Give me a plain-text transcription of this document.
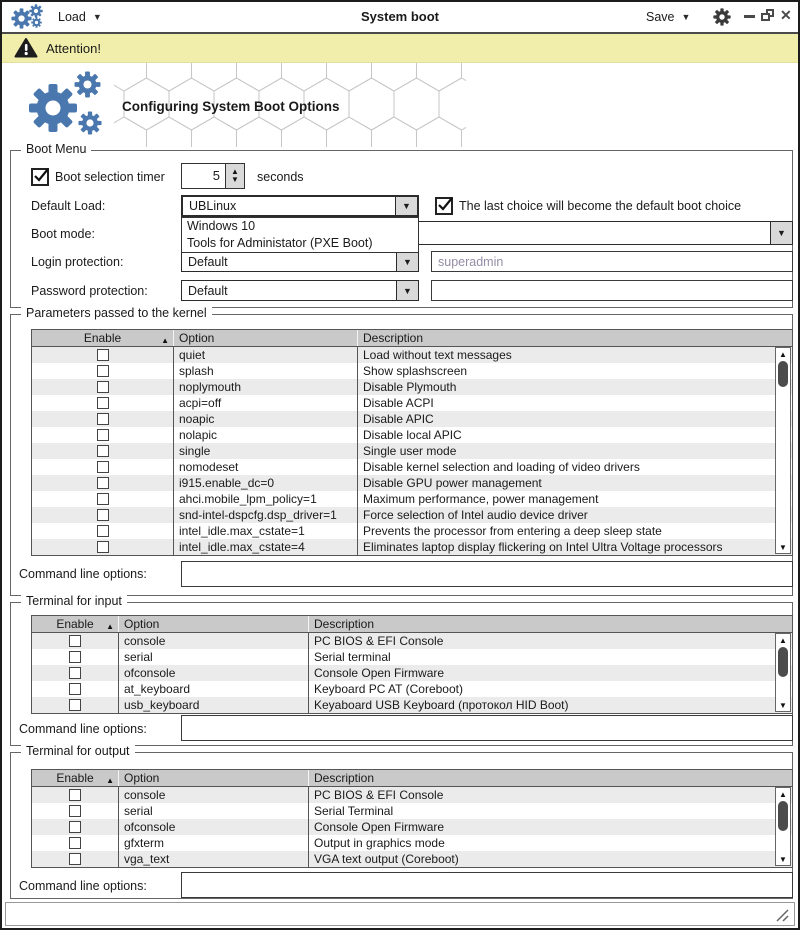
Load ▼	System boot	Save ▼	✕
Attention!
Configuring System Boot Options
Boot Menu
Boot selection timer	5	▲
▼ seconds
Default Load:	UBLinux	▼	The last choice will become the default boot choice
Boot mode:	▼
Windows 10
Tools for Administator (PXE Boot)
Login protection:	Default	▼
superadmin
Password protection:	Default	▼
Parameters passed to the kernel
Enable	▲ Option	Description
quiet	Load without text messages
splash	Show splashscreen
noplymouth	Disable Plymouth
acpi=off	Disable ACPI
noapic	Disable APIC
nolapic	Disable local APIC
single	Single user mode
nomodeset	Disable kernel selection and loading of video drivers
i915.enable_dc=0	Disable GPU power management
ahci.mobile_lpm_policy=1	Maximum performance, power management
snd-intel-dspcfg.dsp_driver=1	Force selection of Intel audio device driver
intel_idle.max_cstate=1	Prevents the processor from entering a deep sleep state
intel_idle.max_cstate=4	Eliminates laptop display flickering on Intel Ultra Voltage processors
▲
▼
Command line options:
Terminal for input
Enable ▲ Option	Description
console	PC BIOS & EFI Console
serial	Serial terminal
ofconsole	Console Open Firmware
at_keyboard	Keyboard PC AT (Coreboot)
usb_keyboard	Keyaboard USB Keyboard (протокол HID Boot)
▲
▼
Command line options:
Terminal for output
Enable ▲ Option	Description
console	PC BIOS & EFI Console
serial	Serial Terminal
ofconsole	Console Open Firmware
gfxterm	Output in graphics mode
vga_text	VGA text output (Coreboot)
▲
▼
Command line options:
